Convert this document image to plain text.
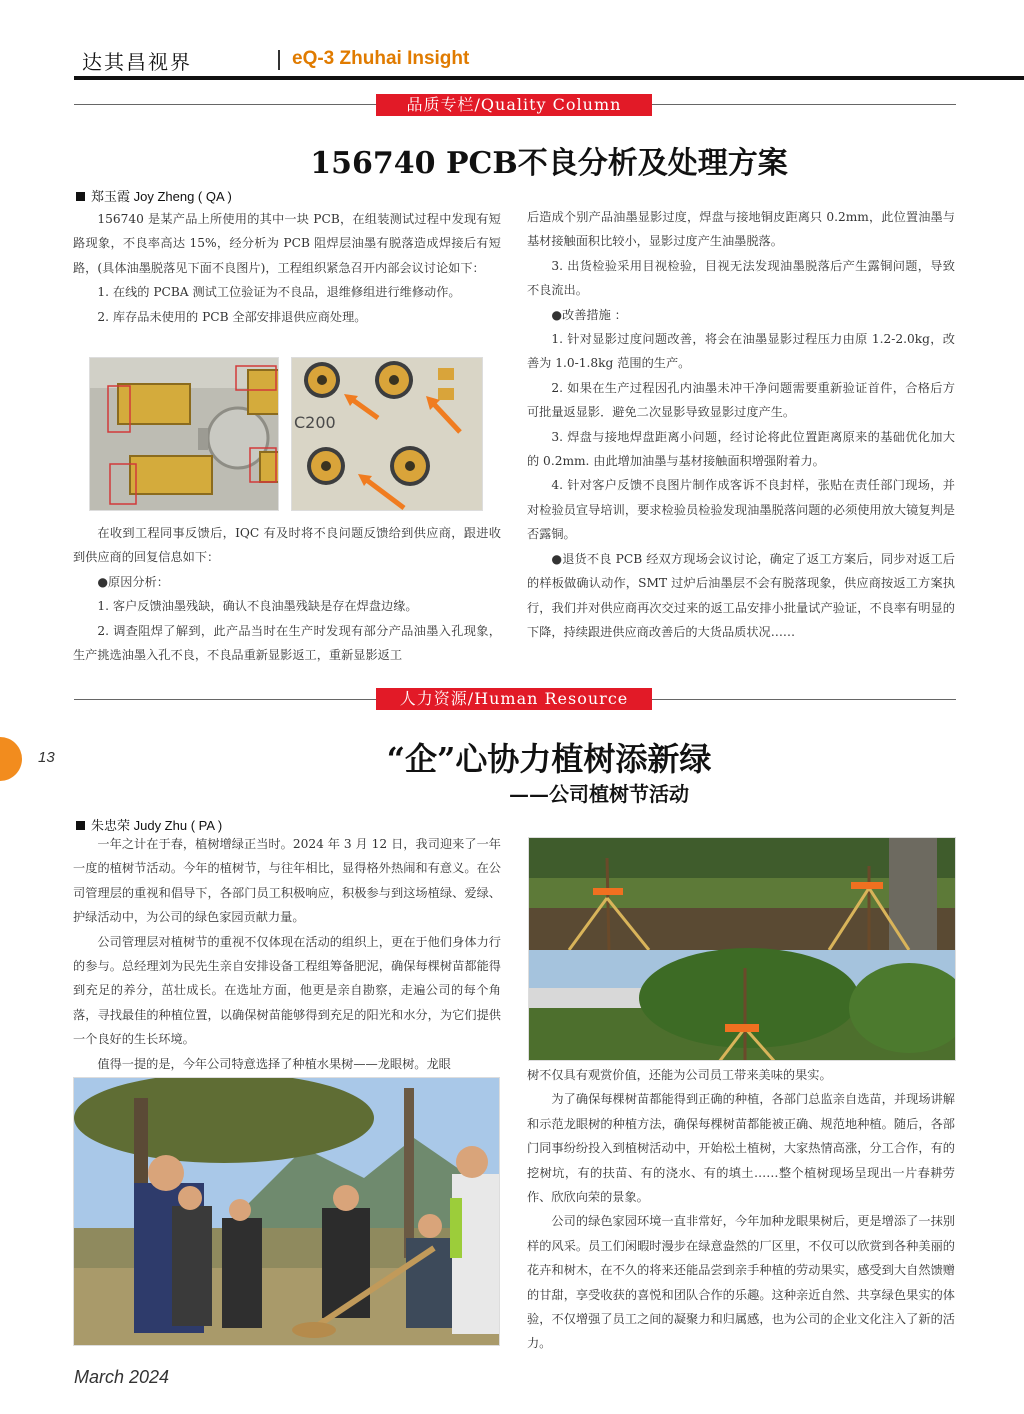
达其昌视界	eQ-3 Zhuhai Insight
品质专栏/Quality Column
156740 PCB不良分析及处理方案
郑玉霞 Joy Zheng ( QA )

156740 是某产品上所使用的其中一块 PCB，在组装测试过程中发现有短路现象，不良率高达 15%，经分析为 PCB 阻焊层油墨有脱落造成焊接后有短路，(具体油墨脱落见下面不良图片)，工程组织紧急召开内部会议讨论如下：

1. 在线的 PCBA 测试工位验证为不良品，退维修组进行维修动作。

2. 库存品未使用的 PCB 全部安排退供应商处理。

C200

在收到工程同事反馈后，IQC 有及时将不良问题反馈给到供应商，跟进收到供应商的回复信息如下：

●原因分析：

1. 客户反馈油墨残缺，确认不良油墨残缺是存在焊盘边缘。

2. 调查阻焊了解到，此产品当时在生产时发现有部分产品油墨入孔现象，生产挑选油墨入孔不良，不良品重新显影返工，重新显影返工

后造成个别产品油墨显影过度，焊盘与接地铜皮距离只 0.2mm，此位置油墨与基材接触面积比较小，显影过度产生油墨脱落。

3. 出货检验采用目视检验，目视无法发现油墨脱落后产生露铜问题，导致不良流出。

●改善措施 ：

1. 针对显影过度问题改善，将会在油墨显影过程压力由原 1.2-2.0kg，改善为 1.0-1.8kg 范围的生产。

2. 如果在生产过程因孔内油墨未冲干净问题需要重新验证首件，合格后方可批量返显影．避免二次显影导致显影过度产生。

3. 焊盘与接地焊盘距离小问题，经讨论将此位置距离原来的基础优化加大的 0.2mm. 由此增加油墨与基材接触面积增强附着力。

4. 针对客户反馈不良图片制作成客诉不良封样，张贴在责任部门现场，并对检验员宣导培训，要求检验员检验发现油墨脱落问题的必须使用放大镜复判是否露铜。

●退货不良 PCB 经双方现场会议讨论，确定了返工方案后，同步对返工后的样板做确认动作，SMT 过炉后油墨层不会有脱落现象，供应商按返工方案执行，我们并对供应商再次交过来的返工品安排小批量试产验证，不良率有明显的下降，持续跟进供应商改善后的大货品质状况……

人力资源/Human Resource
13	“企”心协力植树添新绿
——公司植树节活动
朱忠荣 Judy Zhu ( PA )

一年之计在于春，植树增绿正当时。2024 年 3 月 12 日，我司迎来了一年一度的植树节活动。今年的植树节，与往年相比，显得格外热闹和有意义。在公司管理层的重视和倡导下，各部门员工积极响应，积极参与到这场植绿、爱绿、护绿活动中，为公司的绿色家园贡献力量。

公司管理层对植树节的重视不仅体现在活动的组织上，更在于他们身体力行的参与。总经理刘为民先生亲自安排设备工程组筹备肥泥，确保每棵树苗都能得到充足的养分，茁壮成长。在选址方面，他更是亲自勘察，走遍公司的每个角落，寻找最佳的种植位置，以确保树苗能够得到充足的阳光和水分，为它们提供一个良好的生长环境。

值得一提的是，今年公司特意选择了种植水果树——龙眼树。龙眼

树不仅具有观赏价值，还能为公司员工带来美味的果实。

为了确保每棵树苗都能得到正确的种植，各部门总监亲自选苗，并现场讲解和示范龙眼树的种植方法，确保每棵树苗都能被正确、规范地种植。随后，各部门同事纷纷投入到植树活动中，开始松土植树，大家热情高涨，分工合作，有的挖树坑，有的扶苗、有的浇水、有的填土……整个植树现场呈现出一片春耕劳作、欣欣向荣的景象。

公司的绿色家园环境一直非常好，今年加种龙眼果树后，更是增添了一抹别样的风采。员工们闲暇时漫步在绿意盎然的厂区里，不仅可以欣赏到各种美丽的花卉和树木，在不久的将来还能品尝到亲手种植的劳动果实，感受到大自然馈赠的甘甜，享受收获的喜悦和团队合作的乐趣。这种亲近自然、共享绿色果实的体验，不仅增强了员工之间的凝聚力和归属感，也为公司的企业文化注入了新的活力。

March 2024
